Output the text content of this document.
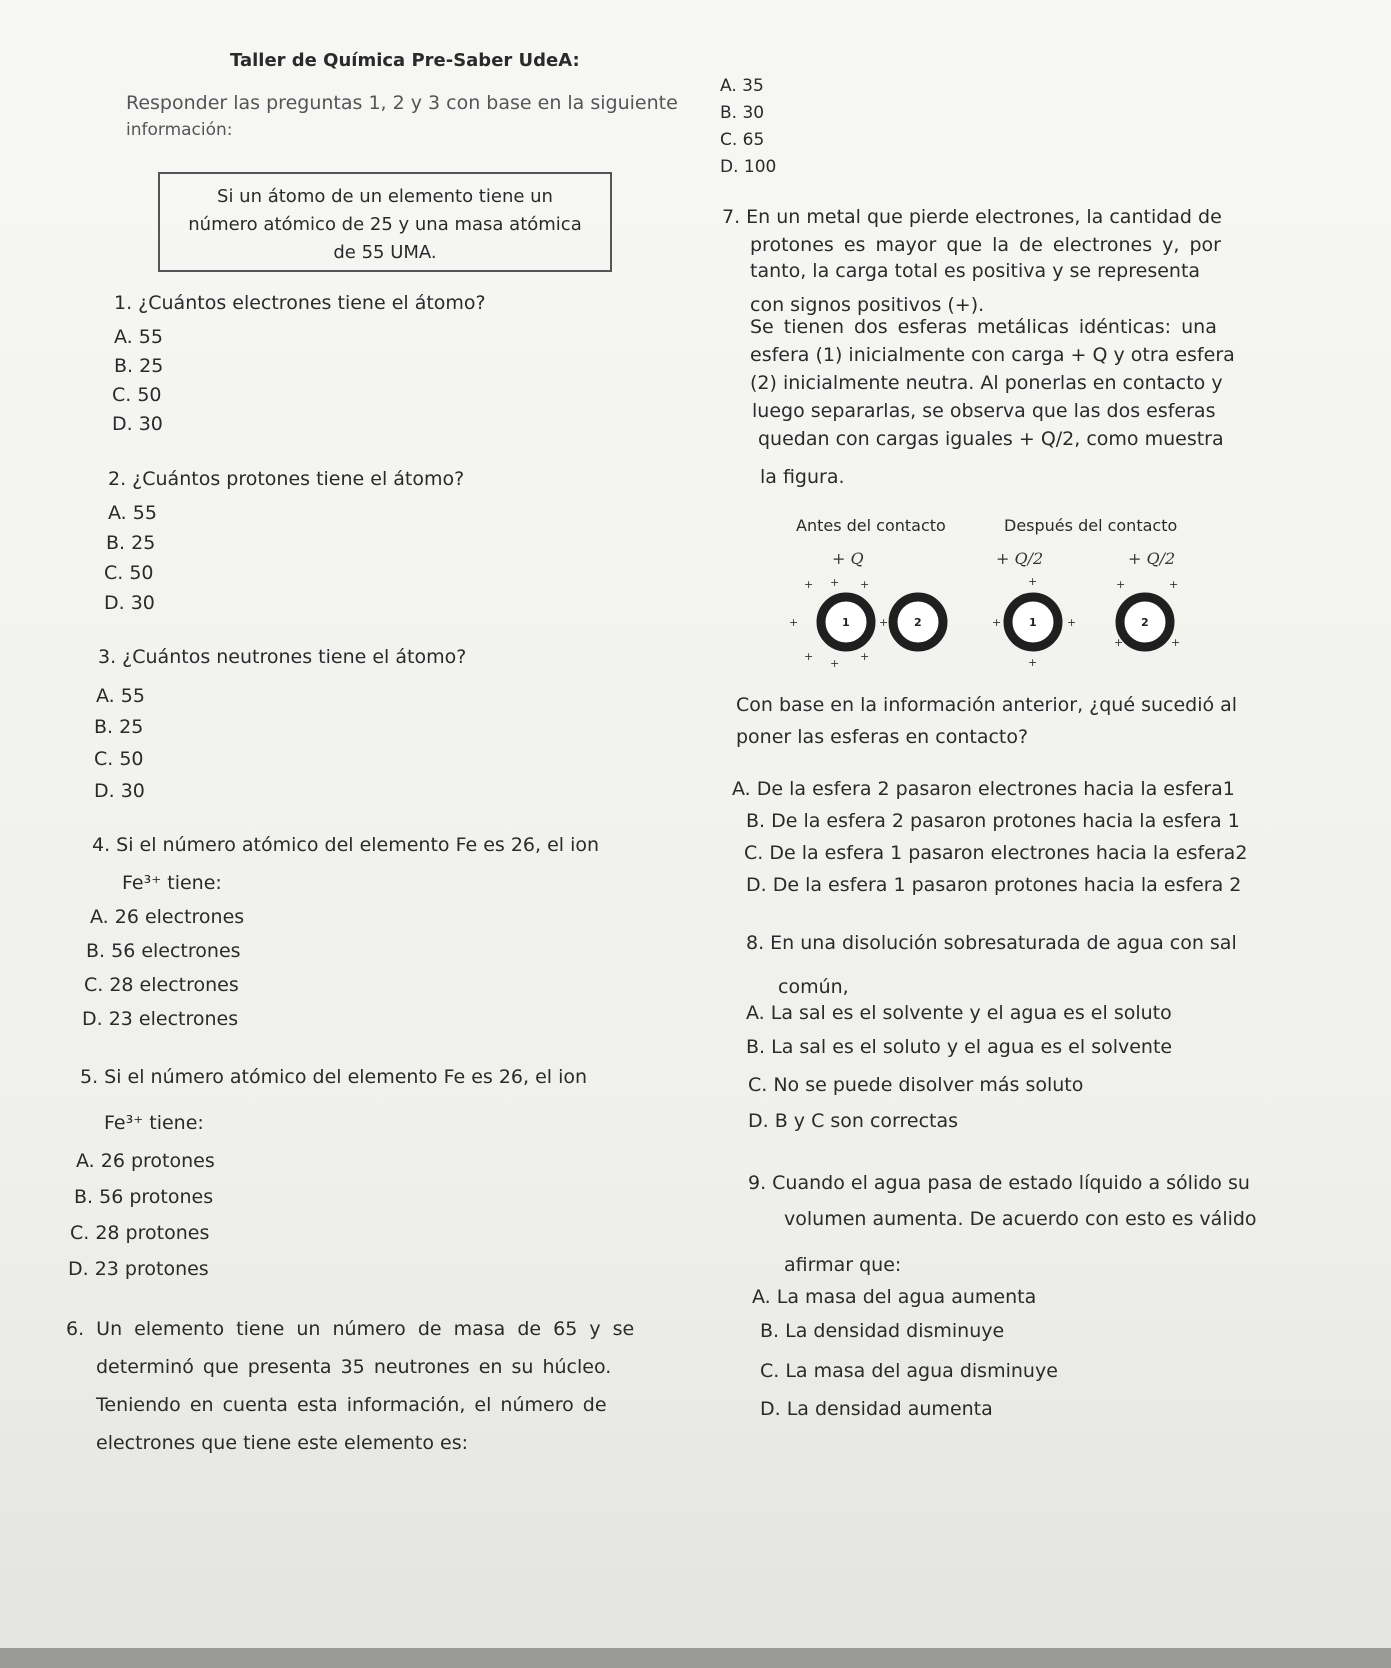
Taller de Química Pre-Saber UdeA:
Responder las preguntas 1, 2 y 3 con base en la siguiente
información:
Si un átomo de un elemento tiene un
número atómico de 25 y una masa atómica
de 55 UMA.
1. ¿Cuántos electrones tiene el átomo?
A. 55
B. 25
C. 50
D. 30
2. ¿Cuántos protones tiene el átomo?
A. 55
B. 25
C. 50
D. 30
3. ¿Cuántos neutrones tiene el átomo?
A. 55
B. 25
C. 50
D. 30
4. Si el número atómico del elemento Fe es 26, el ion
Fe³⁺ tiene:
A. 26 electrones
B. 56 electrones
C. 28 electrones
D. 23 electrones
5. Si el número atómico del elemento Fe es 26, el ion
Fe³⁺ tiene:
A. 26 protones
B. 56 protones
C. 28 protones
D. 23 protones
6. Un elemento tiene un número de masa de 65 y se
determinó que presenta 35 neutrones en su húcleo.
Teniendo en cuenta esta información, el número de
electrones que tiene este elemento es:
A. 35
B. 30
C. 65
D. 100
7. En un metal que pierde electrones, la cantidad de
protones es mayor que la de electrones y, por
tanto, la carga total es positiva y se representa
con signos positivos (+).
Se tienen dos esferas metálicas idénticas: una
esfera (1) inicialmente con carga + Q y otra esfera
(2) inicialmente neutra. Al ponerlas en contacto y
luego separarlas, se observa que las dos esferas
quedan con cargas iguales + Q/2, como muestra
la figura.
Antes del contacto	Después del contacto
+ Q	+ Q/2	+ Q/2
1	2	1	2
+ + +
+	+
+
+
+
+
+	+
+
+	+
+	+
Con base en la información anterior, ¿qué sucedió al
poner las esferas en contacto?
A. De la esfera 2 pasaron electrones hacia la esfera1
B. De la esfera 2 pasaron protones hacia la esfera 1
C. De la esfera 1 pasaron electrones hacia la esfera2
D. De la esfera 1 pasaron protones hacia la esfera 2
8. En una disolución sobresaturada de agua con sal
común,
A. La sal es el solvente y el agua es el soluto
B. La sal es el soluto y el agua es el solvente
C. No se puede disolver más soluto
D. B y C son correctas
9. Cuando el agua pasa de estado líquido a sólido su
volumen aumenta. De acuerdo con esto es válido
afirmar que:
A. La masa del agua aumenta
B. La densidad disminuye
C. La masa del agua disminuye
D. La densidad aumenta
